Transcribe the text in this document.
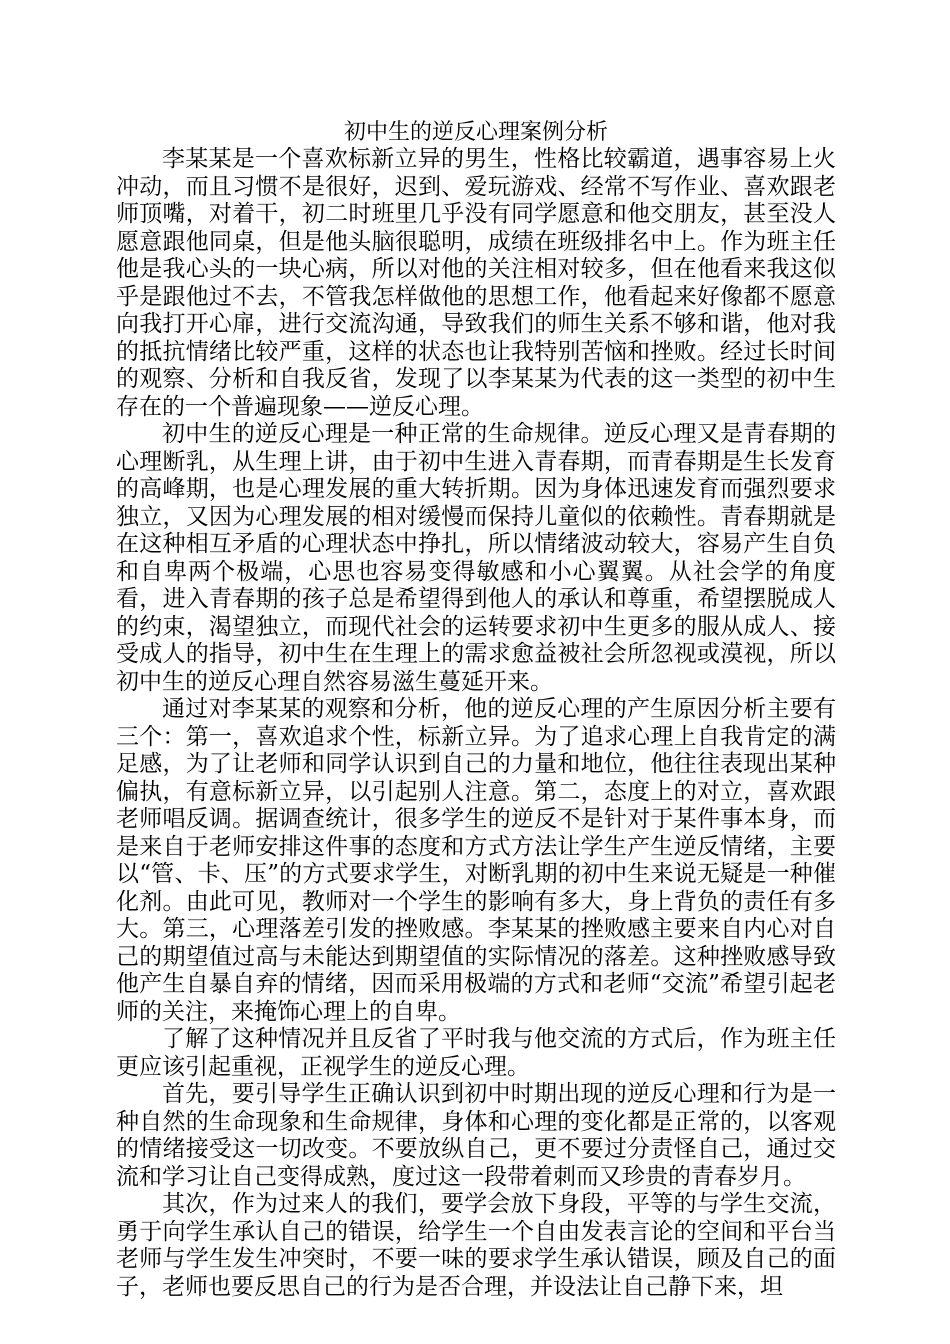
初中生的逆反心理案例分析

李某某是一个喜欢标新立异的男生，性格比较霸道，遇事容易上火冲动，而且习惯不是很好，迟到、爱玩游戏、经常不写作业、喜欢跟老师顶嘴，对着干，初二时班里几乎没有同学愿意和他交朋友，甚至没人愿意跟他同桌，但是他头脑很聪明，成绩在班级排名中上。作为班主任他是我心头的一块心病，所以对他的关注相对较多，但在他看来我这似乎是跟他过不去，不管我怎样做他的思想工作，他看起来好像都不愿意向我打开心扉，进行交流沟通，导致我们的师生关系不够和谐，他对我的抵抗情绪比较严重，这样的状态也让我特别苦恼和挫败。经过长时间的观察、分析和自我反省，发现了以李某某为代表的这一类型的初中生存在的一个普遍现象——逆反心理。

初中生的逆反心理是一种正常的生命规律。逆反心理又是青春期的心理断乳，从生理上讲，由于初中生进入青春期，而青春期是生长发育的高峰期，也是心理发展的重大转折期。因为身体迅速发育而强烈要求独立，又因为心理发展的相对缓慢而保持儿童似的依赖性。青春期就是在这种相互矛盾的心理状态中挣扎，所以情绪波动较大，容易产生自负和自卑两个极端，心思也容易变得敏感和小心翼翼。从社会学的角度看，进入青春期的孩子总是希望得到他人的承认和尊重，希望摆脱成人的约束，渴望独立，而现代社会的运转要求初中生更多的服从成人、接受成人的指导，初中生在生理上的需求愈益被社会所忽视或漠视，所以初中生的逆反心理自然容易滋生蔓延开来。

通过对李某某的观察和分析，他的逆反心理的产生原因分析主要有三个：第一，喜欢追求个性，标新立异。为了追求心理上自我肯定的满足感，为了让老师和同学认识到自己的力量和地位，他往往表现出某种偏执，有意标新立异，以引起别人注意。第二，态度上的对立，喜欢跟老师唱反调。据调查统计，很多学生的逆反不是针对于某件事本身，而是来自于老师安排这件事的态度和方式方法让学生产生逆反情绪，主要以“管、卡、压”的方式要求学生，对断乳期的初中生来说无疑是一种催化剂。由此可见，教师对一个学生的影响有多大，身上背负的责任有多大。第三，心理落差引发的挫败感。李某某的挫败感主要来自内心对自己的期望值过高与未能达到期望值的实际情况的落差。这种挫败感导致他产生自暴自弃的情绪，因而采用极端的方式和老师“交流”希望引起老师的关注，来掩饰心理上的自卑。

了解了这种情况并且反省了平时我与他交流的方式后，作为班主任更应该引起重视，正视学生的逆反心理。

首先，要引导学生正确认识到初中时期出现的逆反心理和行为是一种自然的生命现象和生命规律，身体和心理的变化都是正常的，以客观的情绪接受这一切改变。不要放纵自己，更不要过分责怪自己，通过交流和学习让自己变得成熟，度过这一段带着刺而又珍贵的青春岁月。

其次，作为过来人的我们，要学会放下身段，平等的与学生交流，勇于向学生承认自己的错误，给学生一个自由发表言论的空间和平台当老师与学生发生冲突时，不要一味的要求学生承认错误，顾及自己的面子，老师也要反思自己的行为是否合理，并设法让自己静下来，坦
